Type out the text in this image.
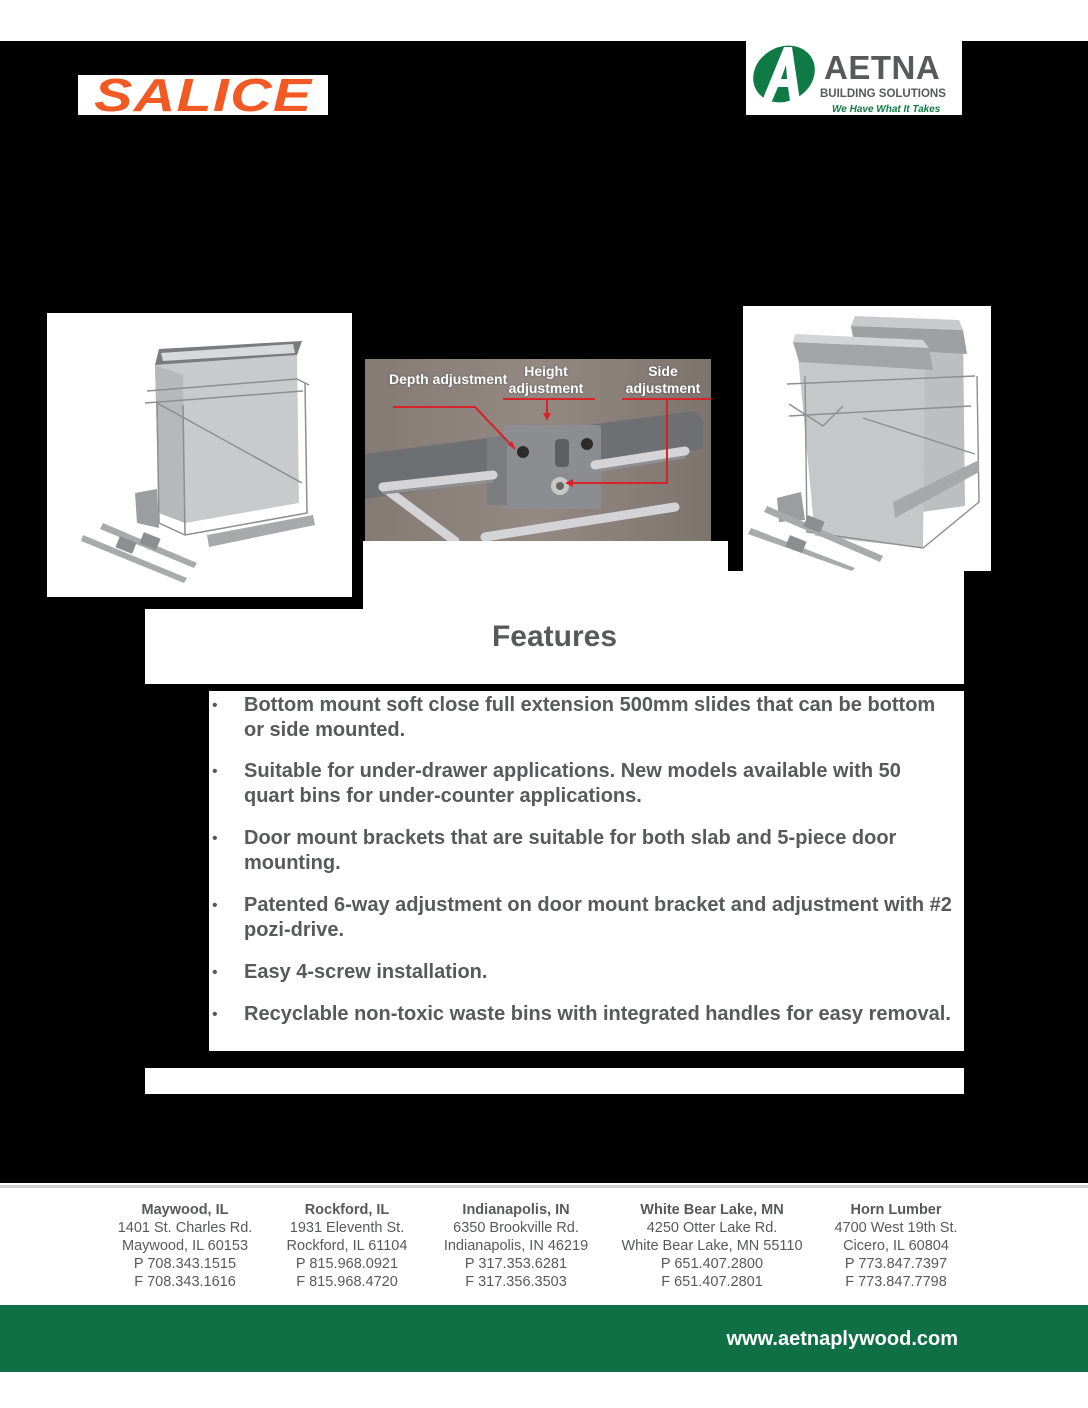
SALICE
AETNA
BUILDING SOLUTIONS
We Have What It Takes
Depth adjustment	Height adjustment
Side adjustment
Features
• Bottom mount soft close full extension 500mm slides that can be bottom or side mounted.
• Suitable for under-drawer applications. New models available with 50 quart bins for under-counter applications.
• Door mount brackets that are suitable for both slab and 5-piece door mounting.
• Patented 6-way adjustment on door mount bracket and adjustment with #2 pozi-drive.
• Easy 4-screw installation.
• Recyclable non-toxic waste bins with integrated handles for easy removal.
Maywood, IL
1401 St. Charles Rd.
Maywood, IL 60153
P 708.343.1515
F 708.343.1616
Rockford, IL
1931 Eleventh St.
Rockford, IL 61104
P 815.968.0921
F 815.968.4720
Indianapolis, IN
6350 Brookville Rd.
Indianapolis, IN 46219
P 317.353.6281
F 317.356.3503
White Bear Lake, MN
4250 Otter Lake Rd.
White Bear Lake, MN 55110
P 651.407.2800
F 651.407.2801
Horn Lumber
4700 West 19th St.
Cicero, IL 60804
P 773.847.7397
F 773.847.7798
www.aetnaplywood.com
